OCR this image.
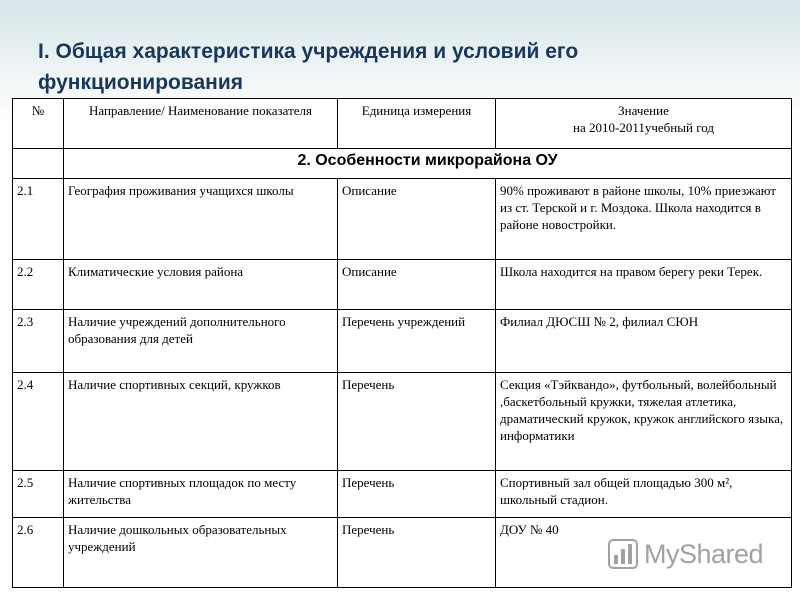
I. Общая характеристика учреждения и условий его функционирования
№	Направление/ Наименование показателя	Единица измерения	Значение
на 2010-2011учебный год
	2. Особенности микрорайона ОУ		
2.1	География проживания учащихся школы	Описание	90% проживают в районе школы, 10% приезжают из ст. Терской и г. Моздока. Школа находится в районе новостройки.
2.2	Климатические условия района	Описание	Школа находится на правом берегу реки Терек.
2.3	Наличие учреждений дополнительного образования для детей	Перечень учреждений	Филиал ДЮСШ № 2, филиал СЮН
2.4	Наличие спортивных секций, кружков	Перечень	Секция «Тэйквандо», футбольный, волейбольный ,баскетбольный кружки, тяжелая атлетика, драматический кружок, кружок английского языка, информатики
2.5	Наличие спортивных площадок по месту жительства	Перечень	Спортивный зал общей площадью 300 м², школьный стадион.
2.6	Наличие дошкольных образовательных учреждений	Перечень	ДОУ № 40
MyShared
